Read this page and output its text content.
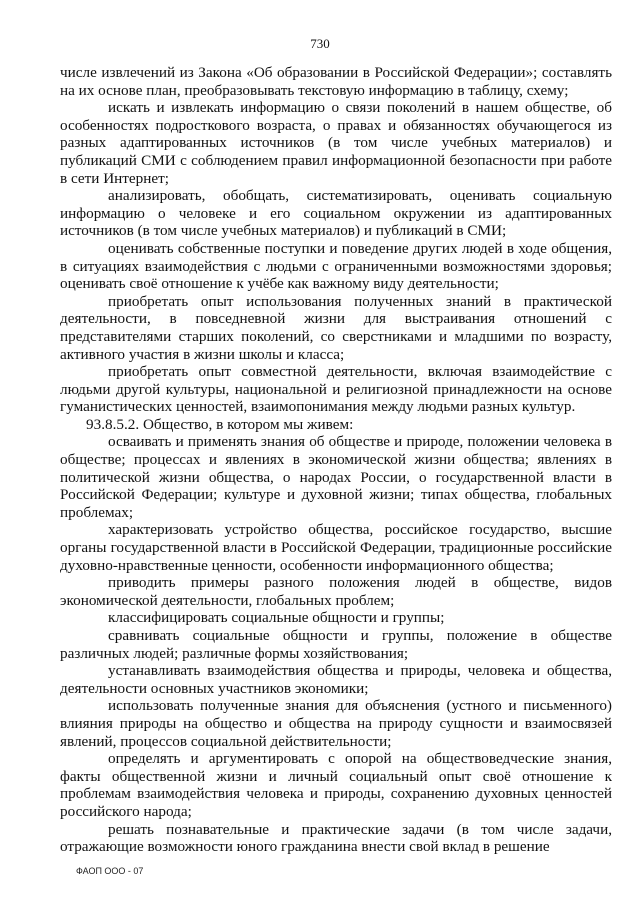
730

числе извлечений из Закона «Об образовании в Российской Федерации»; составлять на их основе план, преобразовывать текстовую информацию в таблицу, схему;

искать и извлекать информацию о связи поколений в нашем обществе, об особенностях подросткового возраста, о правах и обязанностях обучающегося из разных адаптированных источников (в том числе учебных материалов) и публикаций СМИ с соблюдением правил информационной безопасности при работе в сети Интернет;

анализировать, обобщать, систематизировать, оценивать социальную информацию о человеке и его социальном окружении из адаптированных источников (в том числе учебных материалов) и публикаций в СМИ;

оценивать собственные поступки и поведение других людей в ходе общения, в ситуациях взаимодействия с людьми с ограниченными возможностями здоровья; оценивать своё отношение к учёбе как важному виду деятельности;

приобретать опыт использования полученных знаний в практической деятельности, в повседневной жизни для выстраивания отношений с представителями старших поколений, со сверстниками и младшими по возрасту, активного участия в жизни школы и класса;

приобретать опыт совместной деятельности, включая взаимодействие с людьми другой культуры, национальной и религиозной принадлежности на основе гуманистических ценностей, взаимопонимания между людьми разных культур.

93.8.5.2. Общество, в котором мы живем:

осваивать и применять знания об обществе и природе, положении человека в обществе; процессах и явлениях в экономической жизни общества; явлениях в политической жизни общества, о народах России, о государственной власти в Российской Федерации; культуре и духовной жизни; типах общества, глобальных проблемах;

характеризовать устройство общества, российское государство, высшие органы государственной власти в Российской Федерации, традиционные российские духовно-нравственные ценности, особенности информационного общества;

приводить примеры разного положения людей в обществе, видов экономической деятельности, глобальных проблем;

классифицировать социальные общности и группы;

сравнивать социальные общности и группы, положение в обществе различных людей; различные формы хозяйствования;

устанавливать взаимодействия общества и природы, человека и общества, деятельности основных участников экономики;

использовать полученные знания для объяснения (устного и письменного) влияния природы на общество и общества на природу сущности и взаимосвязей явлений, процессов социальной действительности;

определять и аргументировать с опорой на обществоведческие знания, факты общественной жизни и личный социальный опыт своё отношение к проблемам взаимодействия человека и природы, сохранению духовных ценностей российского народа;

решать познавательные и практические задачи (в том числе задачи, отражающие возможности юного гражданина внести свой вклад в решение

ФАОП ООО - 07
